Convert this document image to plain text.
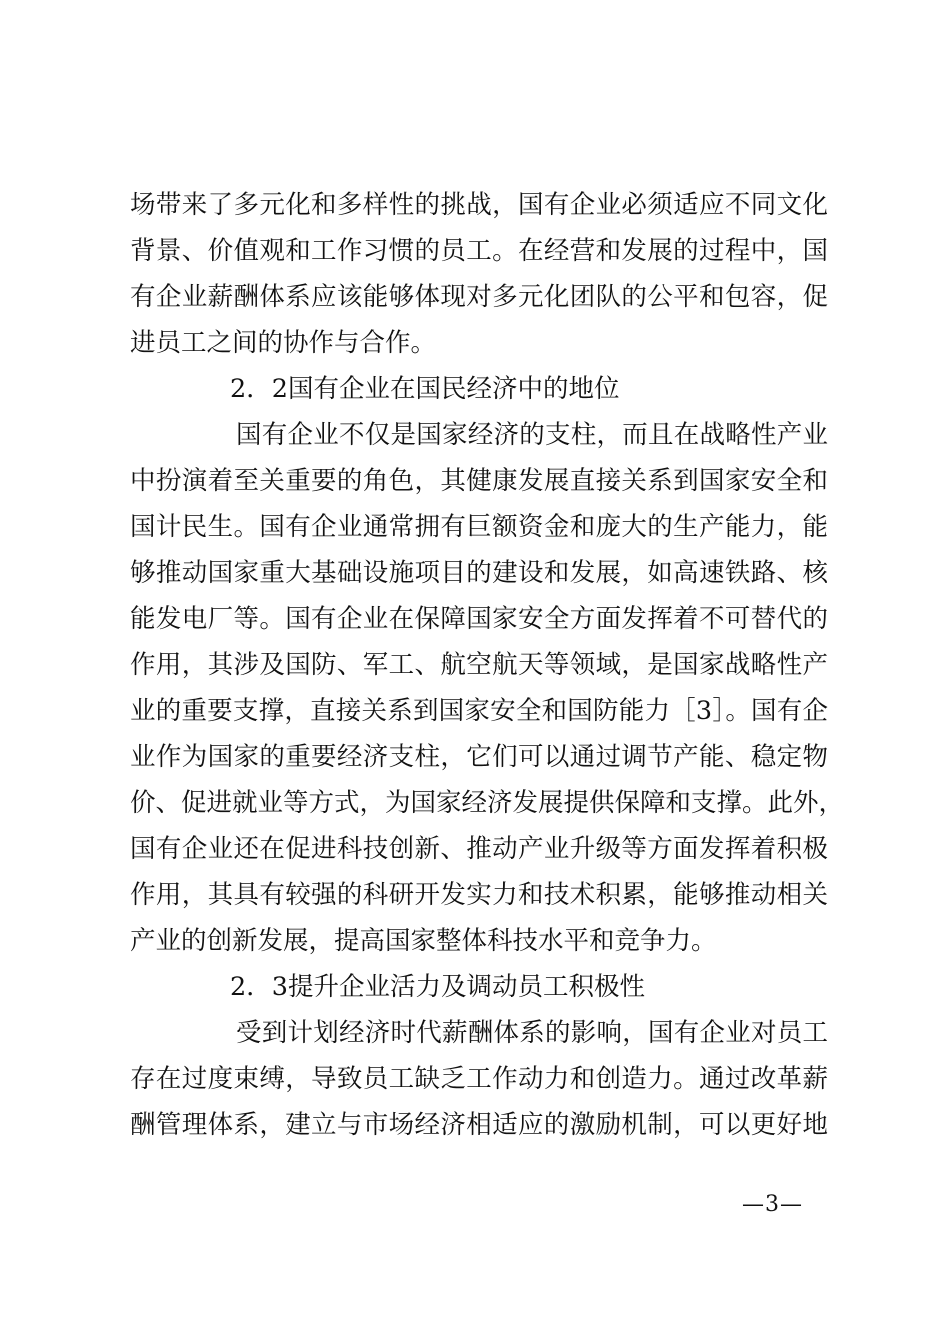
场带来了多元化和多样性的挑战，国有企业必须适应不同文化
背景、价值观和工作习惯的员工。在经营和发展的过程中，国
有企业薪酬体系应该能够体现对多元化团队的公平和包容，促
进员工之间的协作与合作。
2．2国有企业在国民经济中的地位
国有企业不仅是国家经济的支柱，而且在战略性产业
中扮演着至关重要的角色，其健康发展直接关系到国家安全和
国计民生。国有企业通常拥有巨额资金和庞大的生产能力，能
够推动国家重大基础设施项目的建设和发展，如高速铁路、核
能发电厂等。国有企业在保障国家安全方面发挥着不可替代的
作用，其涉及国防、军工、航空航天等领域，是国家战略性产
业的重要支撑，直接关系到国家安全和国防能力［3］。国有企
业作为国家的重要经济支柱，它们可以通过调节产能、稳定物
价、促进就业等方式，为国家经济发展提供保障和支撑。此外，
国有企业还在促进科技创新、推动产业升级等方面发挥着积极
作用，其具有较强的科研开发实力和技术积累，能够推动相关
产业的创新发展，提高国家整体科技水平和竞争力。
2．3提升企业活力及调动员工积极性
受到计划经济时代薪酬体系的影响，国有企业对员工
存在过度束缚，导致员工缺乏工作动力和创造力。通过改革薪
酬管理体系，建立与市场经济相适应的激励机制，可以更好地
—3—
